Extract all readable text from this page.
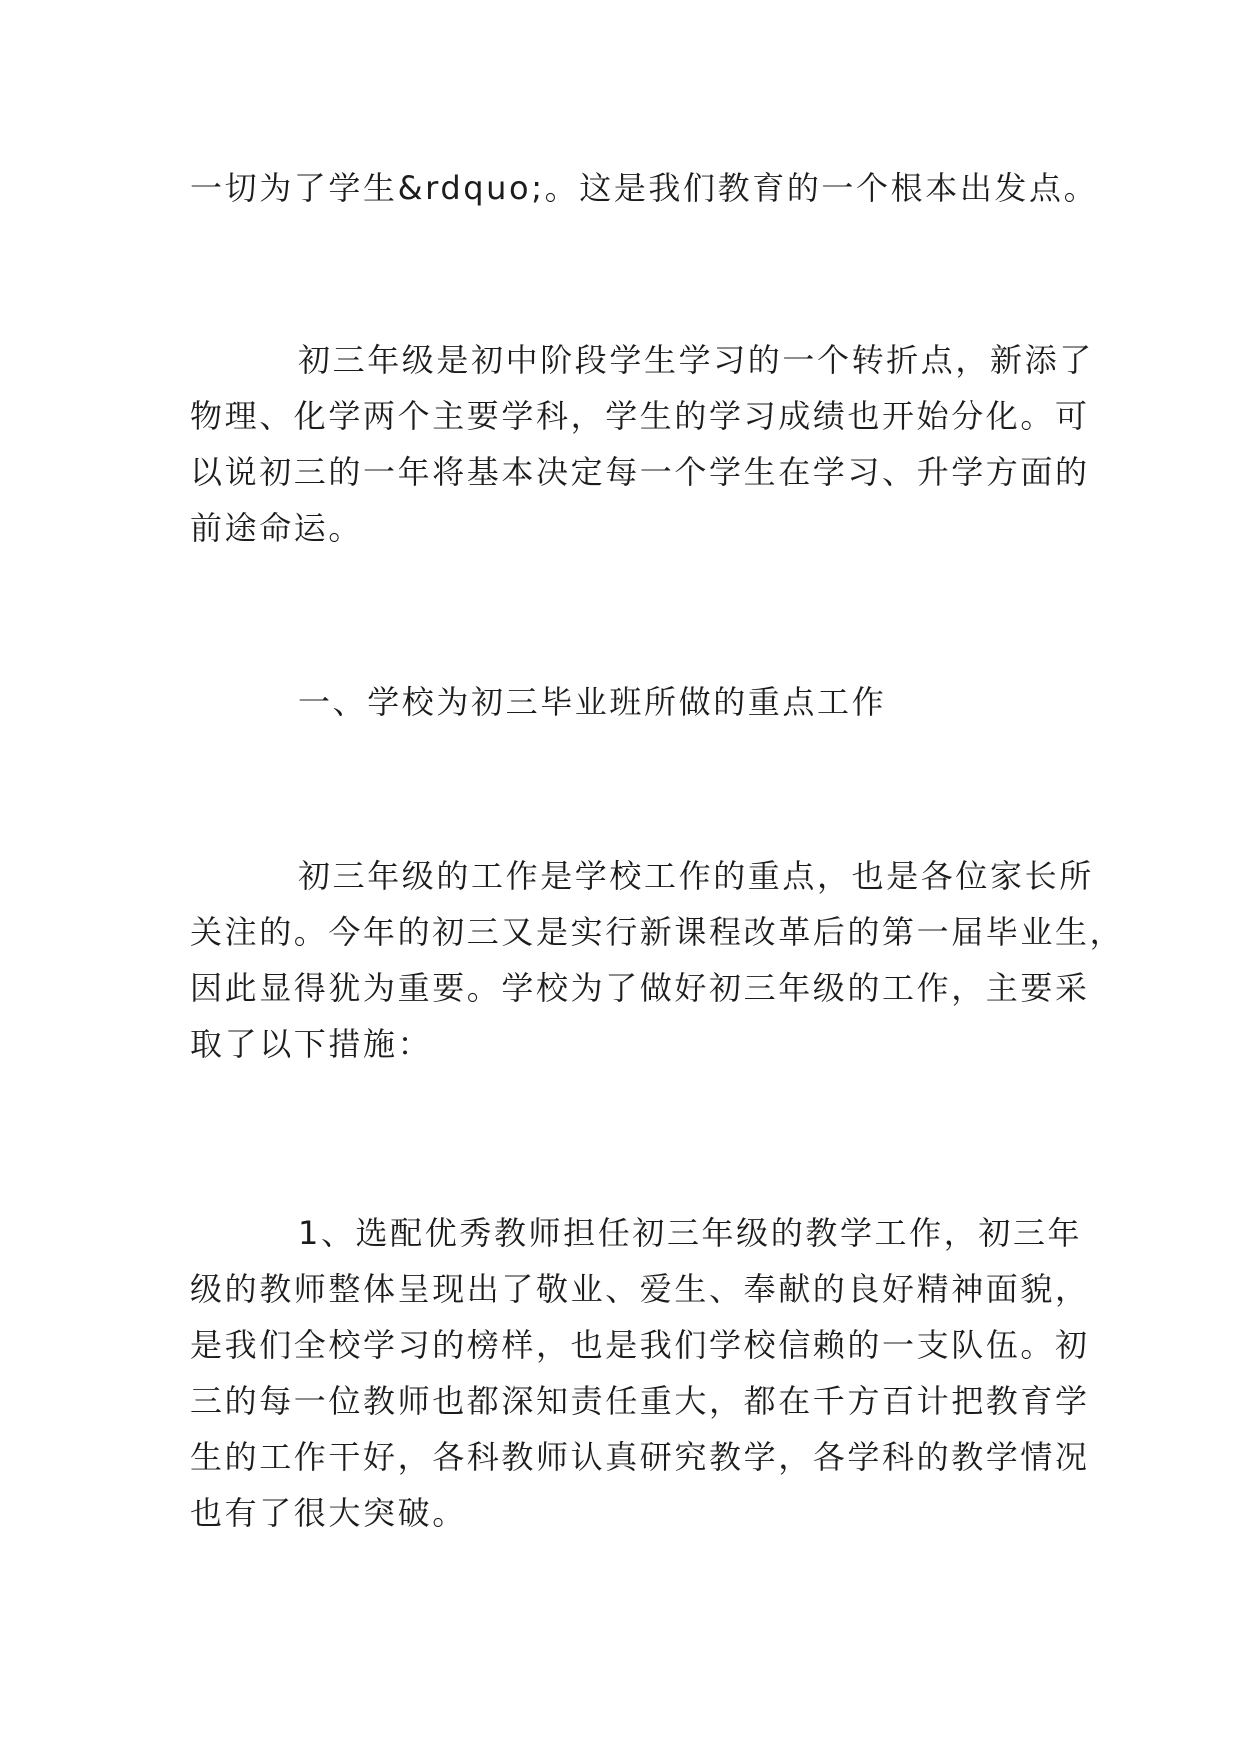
一切为了学生&rdquo;。这是我们教育的一个根本出发点。

初三年级是初中阶段学生学习的一个转折点，新添了

物理、化学两个主要学科，学生的学习成绩也开始分化。可

以说初三的一年将基本决定每一个学生在学习、升学方面的

前途命运。

一、学校为初三毕业班所做的重点工作

初三年级的工作是学校工作的重点，也是各位家长所

关注的。今年的初三又是实行新课程改革后的第一届毕业生，

因此显得犹为重要。学校为了做好初三年级的工作，主要采

取了以下措施：

1、选配优秀教师担任初三年级的教学工作，初三年

级的教师整体呈现出了敬业、爱生、奉献的良好精神面貌，

是我们全校学习的榜样，也是我们学校信赖的一支队伍。初

三的每一位教师也都深知责任重大，都在千方百计把教育学

生的工作干好，各科教师认真研究教学，各学科的教学情况

也有了很大突破。
